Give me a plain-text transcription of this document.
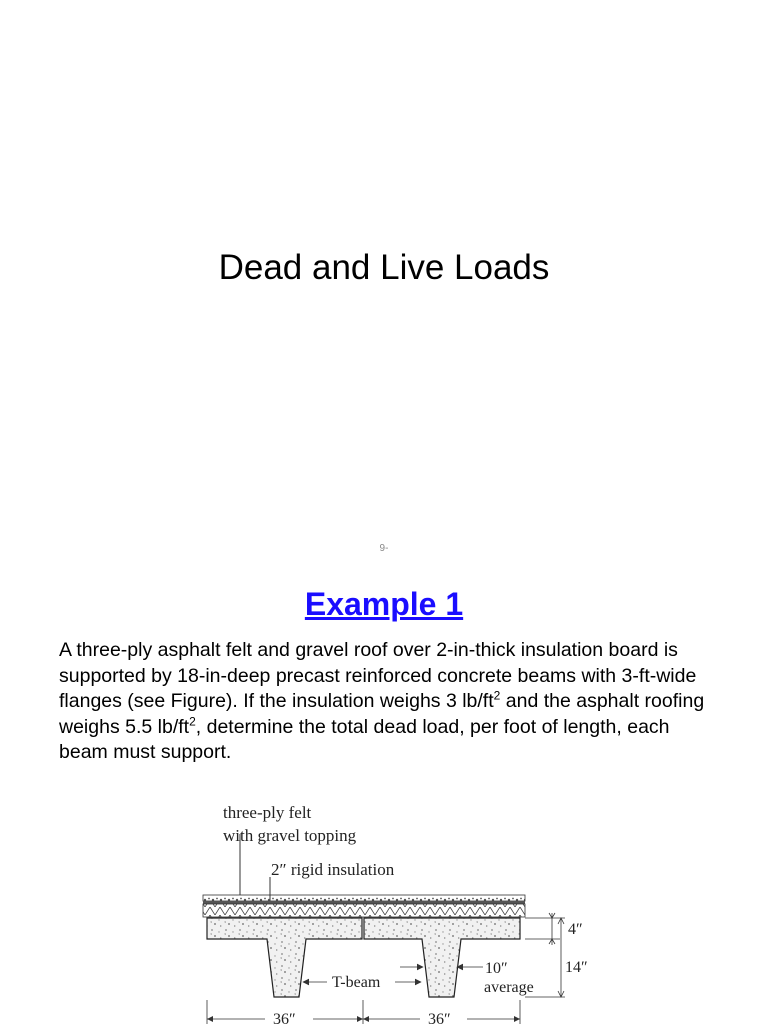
Dead and Live Loads
9-
Example 1
A three-ply asphalt felt and gravel roof over 2-in-thick insulation board is supported by 18-in-deep precast reinforced concrete beams with 3-ft-wide flanges (see Figure). If the insulation weighs 3 $lb/ft^2$ and the asphalt roofing weighs 5.5 $lb/ft^2$, determine the total dead load, per foot of length, each beam must support.
three-ply felt
with gravel topping
2″ rigid insulation
4″
14″
10″
average
T-beam
36″	36″
